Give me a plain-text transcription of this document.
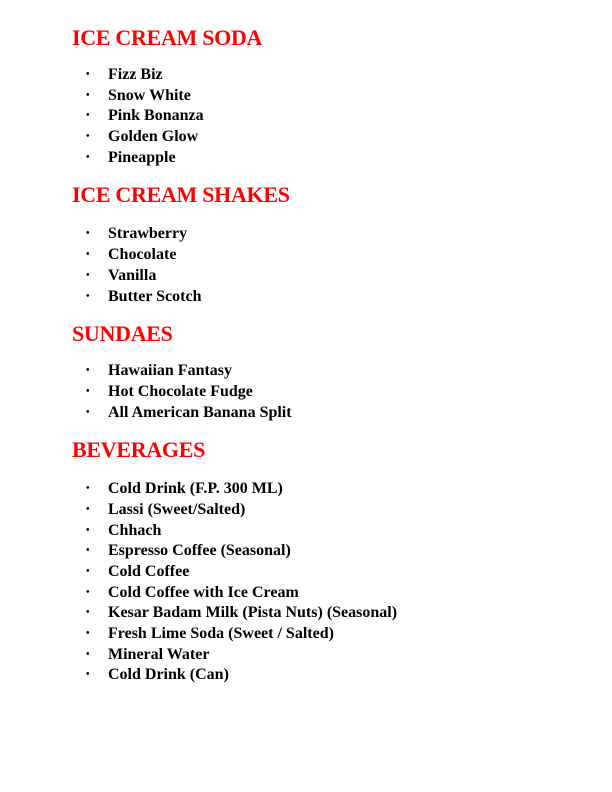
ICE CREAM SODA
• Fizz Biz
• Snow White
• Pink Bonanza
• Golden Glow
• Pineapple
ICE CREAM SHAKES
• Strawberry
• Chocolate
• Vanilla
• Butter Scotch
SUNDAES
• Hawaiian Fantasy
• Hot Chocolate Fudge
• All American Banana Split
BEVERAGES
• Cold Drink (F.P. 300 ML)
• Lassi (Sweet/Salted)
• Chhach
• Espresso Coffee (Seasonal)
• Cold Coffee
• Cold Coffee with Ice Cream
• Kesar Badam Milk (Pista Nuts) (Seasonal)
• Fresh Lime Soda (Sweet / Salted)
• Mineral Water
• Cold Drink (Can)
